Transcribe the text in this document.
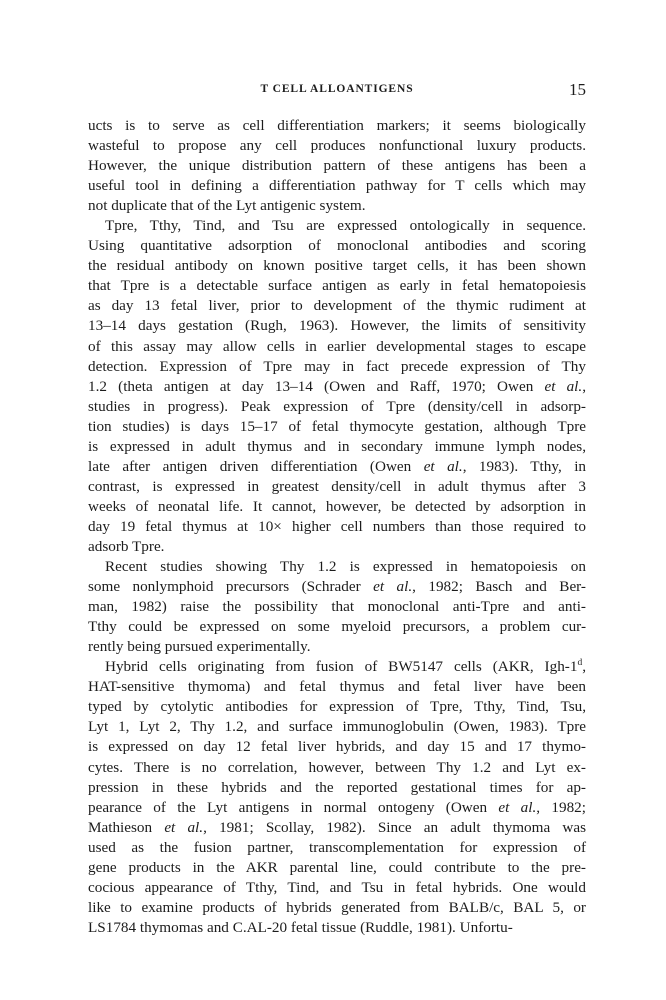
T CELL ALLOANTIGENS	15
ucts is to serve as cell differentiation markers; it seems biologically
wasteful to propose any cell produces nonfunctional luxury products.
However, the unique distribution pattern of these antigens has been a
useful tool in defining a differentiation pathway for T cells which may
not duplicate that of the Lyt antigenic system.
Tpre, Tthy, Tind, and Tsu are expressed ontologically in sequence.
Using quantitative adsorption of monoclonal antibodies and scoring
the residual antibody on known positive target cells, it has been shown
that Tpre is a detectable surface antigen as early in fetal hematopoiesis
as day 13 fetal liver, prior to development of the thymic rudiment at
13–14 days gestation (Rugh, 1963). However, the limits of sensitivity
of this assay may allow cells in earlier developmental stages to escape
detection. Expression of Tpre may in fact precede expression of Thy
1.2 (theta antigen at day 13–14 (Owen and Raff, 1970; Owen et al.,
studies in progress). Peak expression of Tpre (density/cell in adsorp-
tion studies) is days 15–17 of fetal thymocyte gestation, although Tpre
is expressed in adult thymus and in secondary immune lymph nodes,
late after antigen driven differentiation (Owen et al., 1983). Tthy, in
contrast, is expressed in greatest density/cell in adult thymus after 3
weeks of neonatal life. It cannot, however, be detected by adsorption in
day 19 fetal thymus at 10× higher cell numbers than those required to
adsorb Tpre.
Recent studies showing Thy 1.2 is expressed in hematopoiesis on
some nonlymphoid precursors (Schrader et al., 1982; Basch and Ber-
man, 1982) raise the possibility that monoclonal anti-Tpre and anti-
Tthy could be expressed on some myeloid precursors, a problem cur-
rently being pursued experimentally.
Hybrid cells originating from fusion of BW5147 cells (AKR, Igh-1$^d$,
HAT-sensitive thymoma) and fetal thymus and fetal liver have been
typed by cytolytic antibodies for expression of Tpre, Tthy, Tind, Tsu,
Lyt 1, Lyt 2, Thy 1.2, and surface immunoglobulin (Owen, 1983). Tpre
is expressed on day 12 fetal liver hybrids, and day 15 and 17 thymo-
cytes. There is no correlation, however, between Thy 1.2 and Lyt ex-
pression in these hybrids and the reported gestational times for ap-
pearance of the Lyt antigens in normal ontogeny (Owen et al., 1982;
Mathieson et al., 1981; Scollay, 1982). Since an adult thymoma was
used as the fusion partner, transcomplementation for expression of
gene products in the AKR parental line, could contribute to the pre-
cocious appearance of Tthy, Tind, and Tsu in fetal hybrids. One would
like to examine products of hybrids generated from BALB/c, BAL 5, or
LS1784 thymomas and C.AL-20 fetal tissue (Ruddle, 1981). Unfortu-
